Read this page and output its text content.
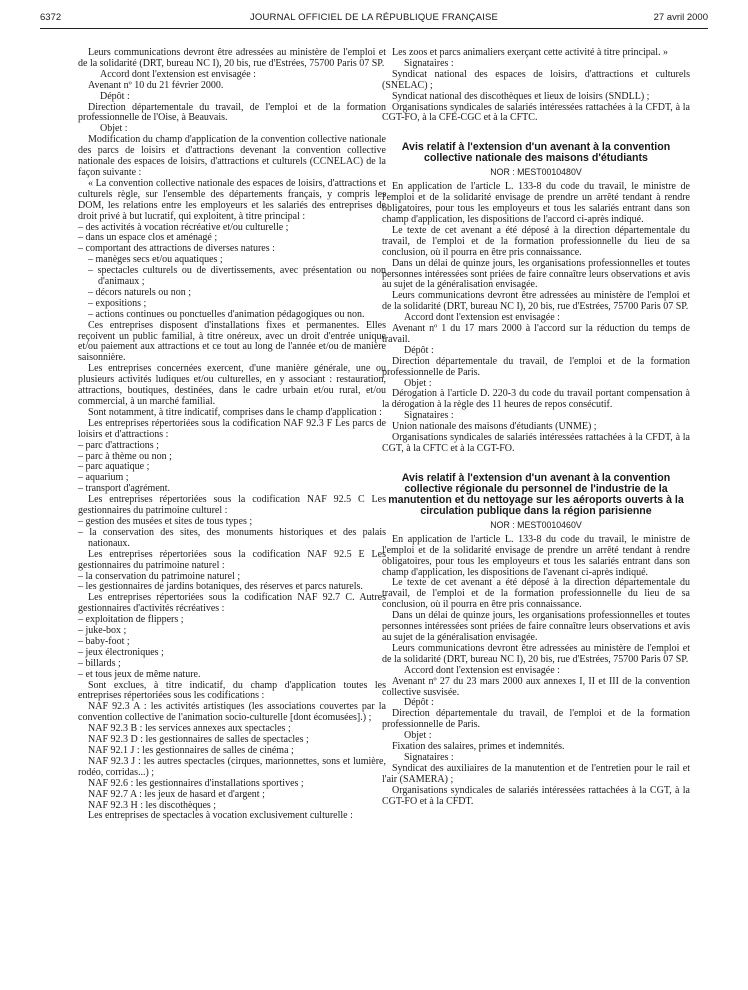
6372	JOURNAL OFFICIEL DE LA RÉPUBLIQUE FRANÇAISE	27 avril 2000

Leurs communications devront être adressées au ministère de l'emploi et de la solidarité (DRT, bureau NC I), 20 bis, rue d'Estrées, 75700 Paris 07 SP.

Accord dont l'extension est envisagée :

Avenant nº 10 du 21 février 2000.

Dépôt :

Direction départementale du travail, de l'emploi et de la formation professionnelle de l'Oise, à Beauvais.

Objet :

Modification du champ d'application de la convention collective nationale des parcs de loisirs et d'attractions devenant la convention collective nationale des espaces de loisirs, d'attractions et culturels (CCNELAC) de la façon suivante :

« La convention collective nationale des espaces de loisirs, d'attractions et culturels règle, sur l'ensemble des départements français, y compris les DOM, les relations entre les employeurs et les salariés des entreprises de droit privé à but lucratif, qui exploitent, à titre principal :

– des activités à vocation récréative et/ou culturelle ;

– dans un espace clos et aménagé ;

– comportant des attractions de diverses natures :

– manèges secs et/ou aquatiques ;

– spectacles culturels ou de divertissements, avec présentation ou non d'animaux ;

– décors naturels ou non ;

– expositions ;

– actions continues ou ponctuelles d'animation pédagogiques ou non.

Ces entreprises disposent d'installations fixes et permanentes. Elles reçoivent un public familial, à titre onéreux, avec un droit d'entrée unique et/ou paiement aux attractions et ce tout au long de l'année et/ou de manière saisonnière.

Les entreprises concernées exercent, d'une manière générale, une ou plusieurs activités ludiques et/ou culturelles, en y associant : restauration, attractions, boutiques, destinées, dans le cadre urbain et/ou rural, et/ou commercial, à un marché familial.

Sont notamment, à titre indicatif, comprises dans le champ d'application :

Les entreprises répertoriées sous la codification NAF 92.3 F Les parcs de loisirs et d'attractions :

– parc d'attractions ;

– parc à thème ou non ;

– parc aquatique ;

– aquarium ;

– transport d'agrément.

Les entreprises répertoriées sous la codification NAF 92.5 C Les gestionnaires du patrimoine culturel :

– gestion des musées et sites de tous types ;

– la conservation des sites, des monuments historiques et des palais nationaux.

Les entreprises répertoriées sous la codification NAF 92.5 E Les gestionnaires du patrimoine naturel :

– la conservation du patrimoine naturel ;

– les gestionnaires de jardins botaniques, des réserves et parcs naturels.

Les entreprises répertoriées sous la codification NAF 92.7 C. Autres gestionnaires d'activités récréatives :

– exploitation de flippers ;

– juke-box ;

– baby-foot ;

– jeux électroniques ;

– billards ;

– et tous jeux de même nature.

Sont exclues, à titre indicatif, du champ d'application toutes les entreprises répertoriées sous les codifications :

NAF 92.3 A : les activités artistiques (les associations couvertes par la convention collective de l'animation socio-culturelle [dont écomusées].) ;

NAF 92.3 B : les services annexes aux spectacles ;

NAF 92.3 D : les gestionnaires de salles de spectacles ;

NAF 92.1 J : les gestionnaires de salles de cinéma ;

NAF 92.3 J : les autres spectacles (cirques, marionnettes, sons et lumière, rodéo, corridas...) ;

NAF 92.6 : les gestionnaires d'installations sportives ;

NAF 92.7 A : les jeux de hasard et d'argent ;

NAF 92.3 H : les discothèques ;

Les entreprises de spectacles à vocation exclusivement culturelle :

Les zoos et parcs animaliers exerçant cette activité à titre principal. »

Signataires :

Syndicat national des espaces de loisirs, d'attractions et culturels (SNELAC) ;

Syndicat national des discothèques et lieux de loisirs (SNDLL) ;

Organisations syndicales de salariés intéressées rattachées à la CFDT, à la CGT-FO, à la CFE-CGC et à la CFTC.

Avis relatif à l'extension d'un avenant à la convention collective nationale des maisons d'étudiants

NOR : MEST0010480V

En application de l'article L. 133-8 du code du travail, le ministre de l'emploi et de la solidarité envisage de prendre un arrêté tendant à rendre obligatoires, pour tous les employeurs et tous les salariés entrant dans son champ d'application, les dispositions de l'accord ci-après indiqué.

Le texte de cet avenant a été déposé à la direction départementale du travail, de l'emploi et de la formation professionnelle du lieu de sa conclusion, où il pourra en être pris connaissance.

Dans un délai de quinze jours, les organisations professionnelles et toutes personnes intéressées sont priées de faire connaître leurs observations et avis au sujet de la généralisation envisagée.

Leurs communications devront être adressées au ministère de l'emploi et de la solidarité (DRT, bureau NC I), 20 bis, rue d'Estrées, 75700 Paris 07 SP.

Accord dont l'extension est envisagée :

Avenant nº 1 du 17 mars 2000 à l'accord sur la réduction du temps de travail.

Dépôt :

Direction départementale du travail, de l'emploi et de la formation professionnelle de Paris.

Objet :

Dérogation à l'article D. 220-3 du code du travail portant compensation à la dérogation à la règle des 11 heures de repos consécutif.

Signataires :

Union nationale des maisons d'étudiants (UNME) ;

Organisations syndicales de salariés intéressées rattachées à la CFDT, à la CGT, à la CFTC et à la CGT-FO.

Avis relatif à l'extension d'un avenant à la convention collective régionale du personnel de l'industrie de la manutention et du nettoyage sur les aéroports ouverts à la circulation publique dans la région parisienne

NOR : MEST0010460V

En application de l'article L. 133-8 du code du travail, le ministre de l'emploi et de la solidarité envisage de prendre un arrêté tendant à rendre obligatoires, pour tous les employeurs et tous les salariés entrant dans son champ d'application, les dispositions de l'avenant ci-après indiqué.

Le texte de cet avenant a été déposé à la direction départementale du travail, de l'emploi et de la formation professionnelle du lieu de sa conclusion, où il pourra en être pris connaissance.

Dans un délai de quinze jours, les organisations professionnelles et toutes personnes intéressées sont priées de faire connaître leurs observations et avis au sujet de la généralisation envisagée.

Leurs communications devront être adressées au ministère de l'emploi et de la solidarité (DRT, bureau NC I), 20 bis, rue d'Estrées, 75700 Paris 07 SP.

Accord dont l'extension est envisagée :

Avenant nº 27 du 23 mars 2000 aux annexes I, II et III de la convention collective susvisée.

Dépôt :

Direction départementale du travail, de l'emploi et de la formation professionnelle de Paris.

Objet :

Fixation des salaires, primes et indemnités.

Signataires :

Syndicat des auxiliaires de la manutention et de l'entretien pour le rail et l'air (SAMERA) ;

Organisations syndicales de salariés intéressées rattachées à la CGT, à la CGT-FO et à la CFDT.
